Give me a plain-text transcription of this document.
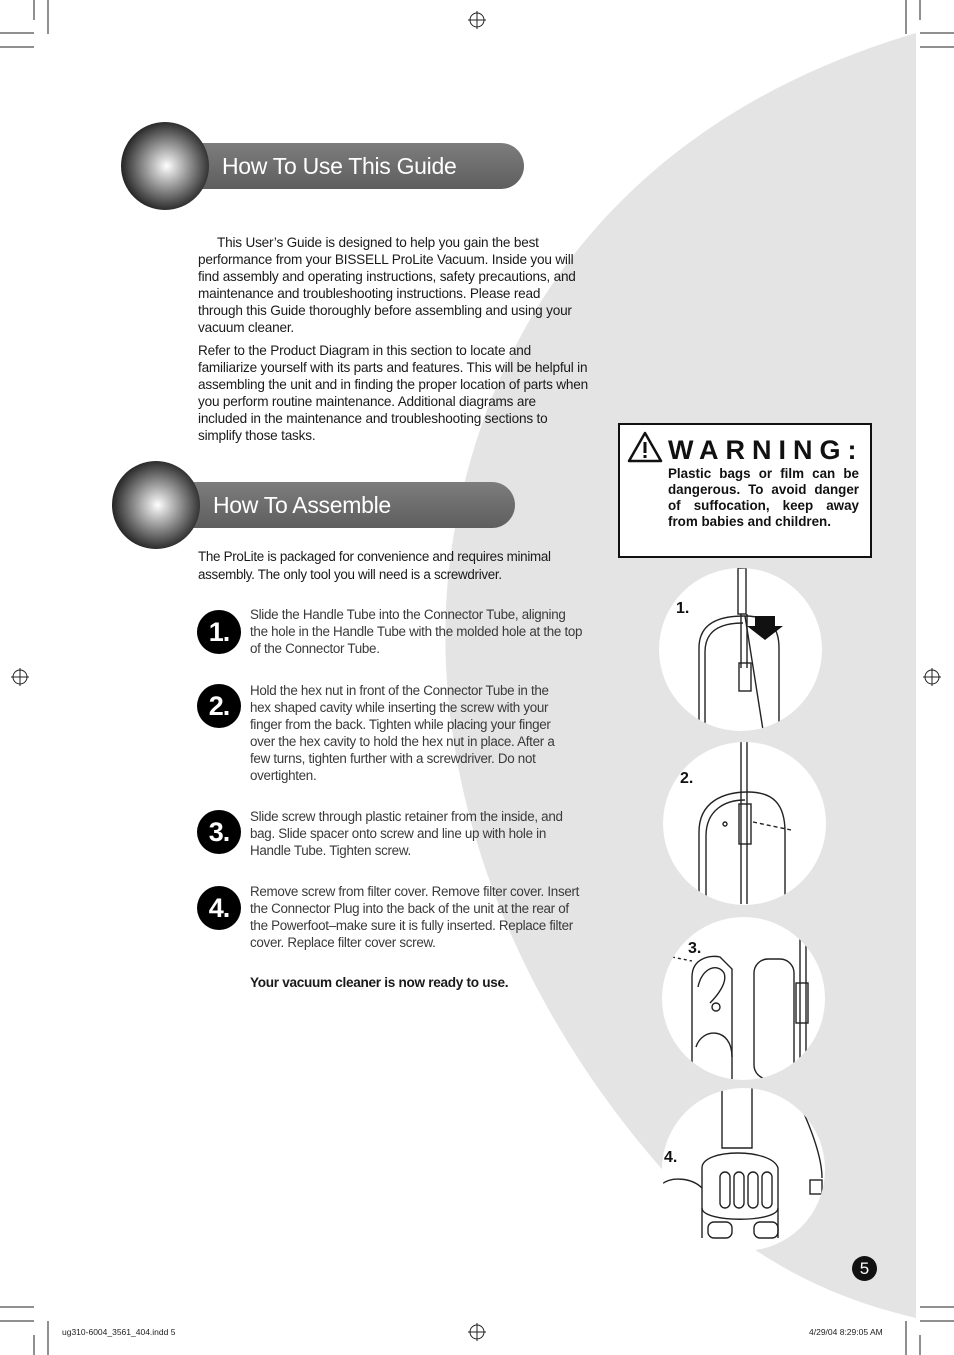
How To Use This Guide

This User’s Guide is designed to help you gain the best performance from your BISSELL ProLite Vacuum. Inside you will find assembly and operating instructions, safety precautions, and maintenance and troubleshooting instructions. Please read through this Guide thoroughly before assembling and using your vacuum cleaner.

Refer to the Product Diagram in this section to locate and familiarize yourself with its parts and features. This will be helpful in assembling the unit and in finding the proper location of parts when you perform routine maintenance. Additional diagrams are included in the maintenance and troubleshooting sections to simplify those tasks.

How To Assemble
The ProLite is packaged for convenience and requires minimal assembly. The only tool you will need is a screwdriver.
1.
Slide the Handle Tube into the Connector Tube, aligning the hole in the Handle Tube with the molded hole at the top of the Connector Tube.
2.
Hold the hex nut in front of the Connector Tube in the hex shaped cavity while inserting the screw with your finger from the back. Tighten while placing your finger over the hex cavity to hold the hex nut in place. After a few turns, tighten further with a screwdriver. Do not overtighten.
3.
Slide screw through plastic retainer from the inside, and bag. Slide spacer onto screw and line up with hole in Handle Tube. Tighten screw.
4.
Remove screw from filter cover. Remove filter cover. Insert the Connector Plug into the back of the unit at the rear of the Powerfoot–make sure it is fully inserted. Replace filter cover. Replace filter cover screw.
Your vacuum cleaner is now ready to use.
WARNING:
Plastic bags or film can be dangerous. To avoid danger of suffocation, keep away from babies and children.
1.
2.
3.
4.
5
ug310-6004_3561_404.indd 5	4/29/04 8:29:05 AM
